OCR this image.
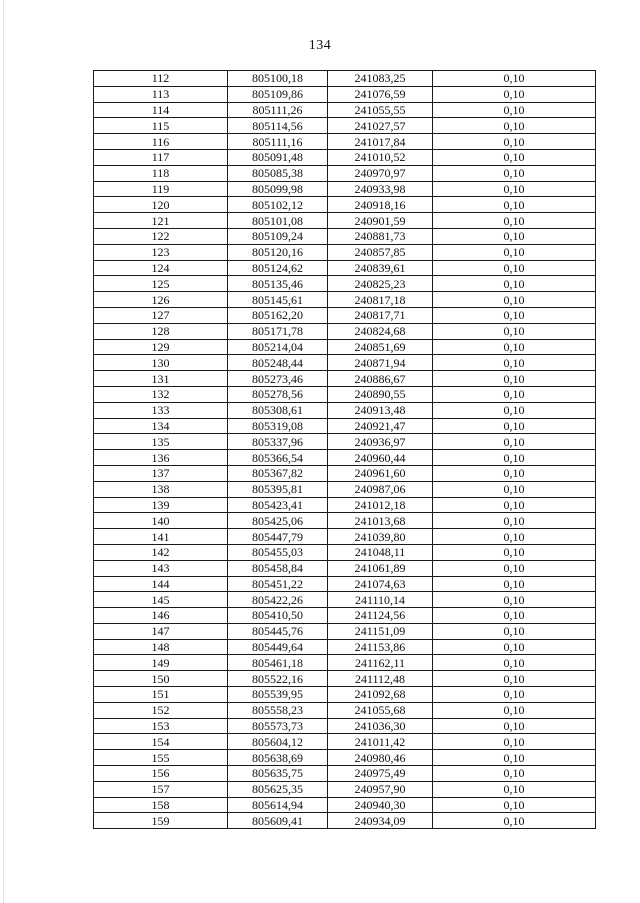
134
112	805100,18	241083,25	0,10
113	805109,86	241076,59	0,10
114	805111,26	241055,55	0,10
115	805114,56	241027,57	0,10
116	805111,16	241017,84	0,10
117	805091,48	241010,52	0,10
118	805085,38	240970,97	0,10
119	805099,98	240933,98	0,10
120	805102,12	240918,16	0,10
121	805101,08	240901,59	0,10
122	805109,24	240881,73	0,10
123	805120,16	240857,85	0,10
124	805124,62	240839,61	0,10
125	805135,46	240825,23	0,10
126	805145,61	240817,18	0,10
127	805162,20	240817,71	0,10
128	805171,78	240824,68	0,10
129	805214,04	240851,69	0,10
130	805248,44	240871,94	0,10
131	805273,46	240886,67	0,10
132	805278,56	240890,55	0,10
133	805308,61	240913,48	0,10
134	805319,08	240921,47	0,10
135	805337,96	240936,97	0,10
136	805366,54	240960,44	0,10
137	805367,82	240961,60	0,10
138	805395,81	240987,06	0,10
139	805423,41	241012,18	0,10
140	805425,06	241013,68	0,10
141	805447,79	241039,80	0,10
142	805455,03	241048,11	0,10
143	805458,84	241061,89	0,10
144	805451,22	241074,63	0,10
145	805422,26	241110,14	0,10
146	805410,50	241124,56	0,10
147	805445,76	241151,09	0,10
148	805449,64	241153,86	0,10
149	805461,18	241162,11	0,10
150	805522,16	241112,48	0,10
151	805539,95	241092,68	0,10
152	805558,23	241055,68	0,10
153	805573,73	241036,30	0,10
154	805604,12	241011,42	0,10
155	805638,69	240980,46	0,10
156	805635,75	240975,49	0,10
157	805625,35	240957,90	0,10
158	805614,94	240940,30	0,10
159	805609,41	240934,09	0,10
